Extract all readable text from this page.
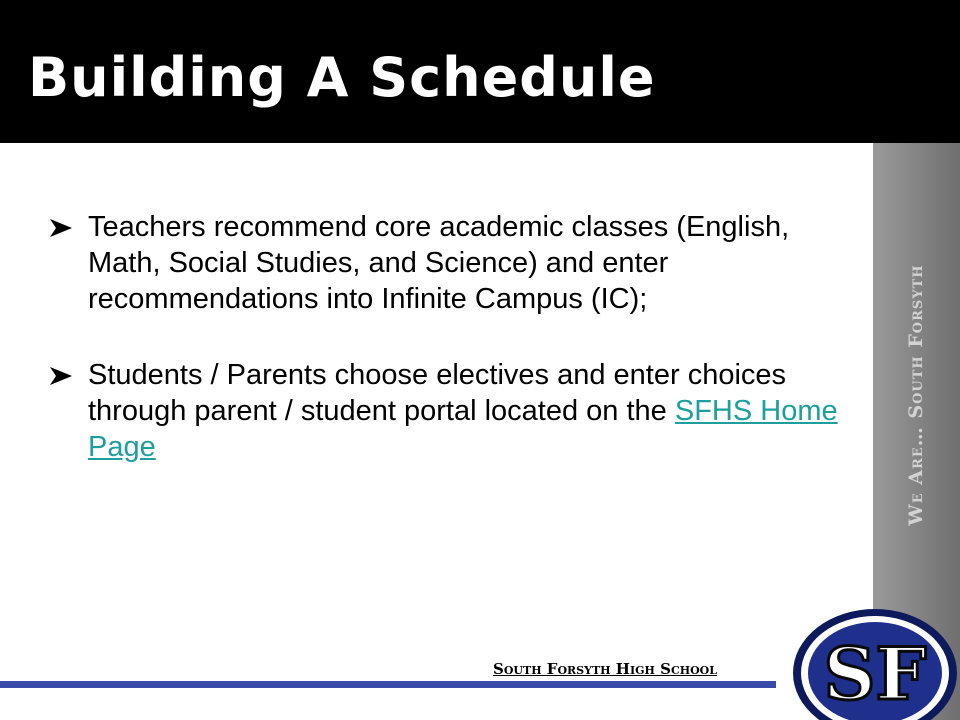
Building A Schedule
We Are… South Forsyth
Teachers recommend core academic classes (English, Math, Social Studies, and Science) and enter recommendations into Infinite Campus (IC);
Students / Parents choose electives and enter choices through parent / student portal located on the SFHS Home Page
South Forsyth High School SF
